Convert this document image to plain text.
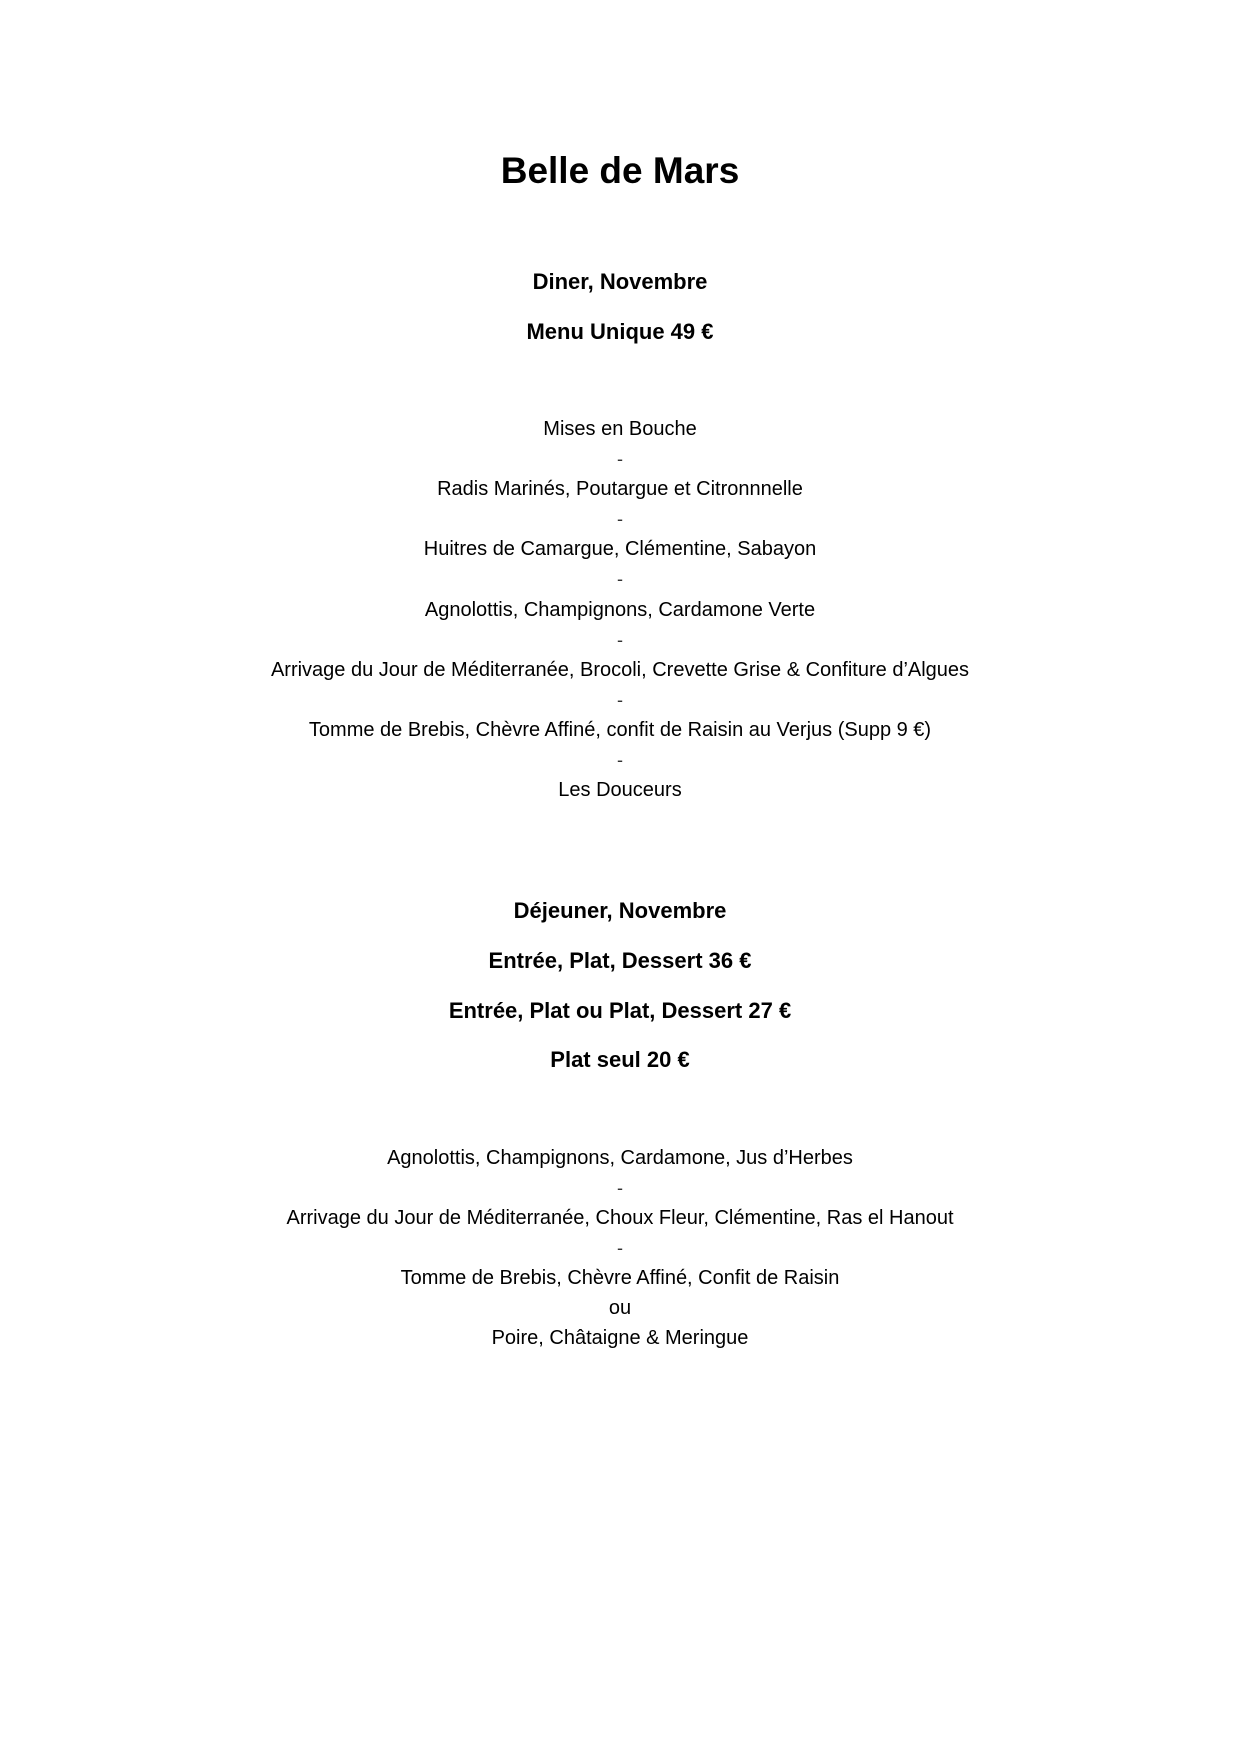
Belle de Mars

Diner, Novembre

Menu Unique 49 €

Mises en Bouche

-

Radis Marinés, Poutargue et Citronnnelle

-

Huitres de Camargue, Clémentine, Sabayon

-

Agnolottis, Champignons, Cardamone Verte

-

Arrivage du Jour de Méditerranée, Brocoli, Crevette Grise & Confiture d’Algues

-

Tomme de Brebis, Chèvre Affiné, confit de Raisin au Verjus (Supp 9 €)

-

Les Douceurs

Déjeuner, Novembre

Entrée, Plat, Dessert 36 €

Entrée, Plat ou Plat, Dessert 27 €

Plat seul 20 €

Agnolottis, Champignons, Cardamone, Jus d’Herbes

-

Arrivage du Jour de Méditerranée, Choux Fleur, Clémentine, Ras el Hanout

-

Tomme de Brebis, Chèvre Affiné, Confit de Raisin

ou

Poire, Châtaigne & Meringue
